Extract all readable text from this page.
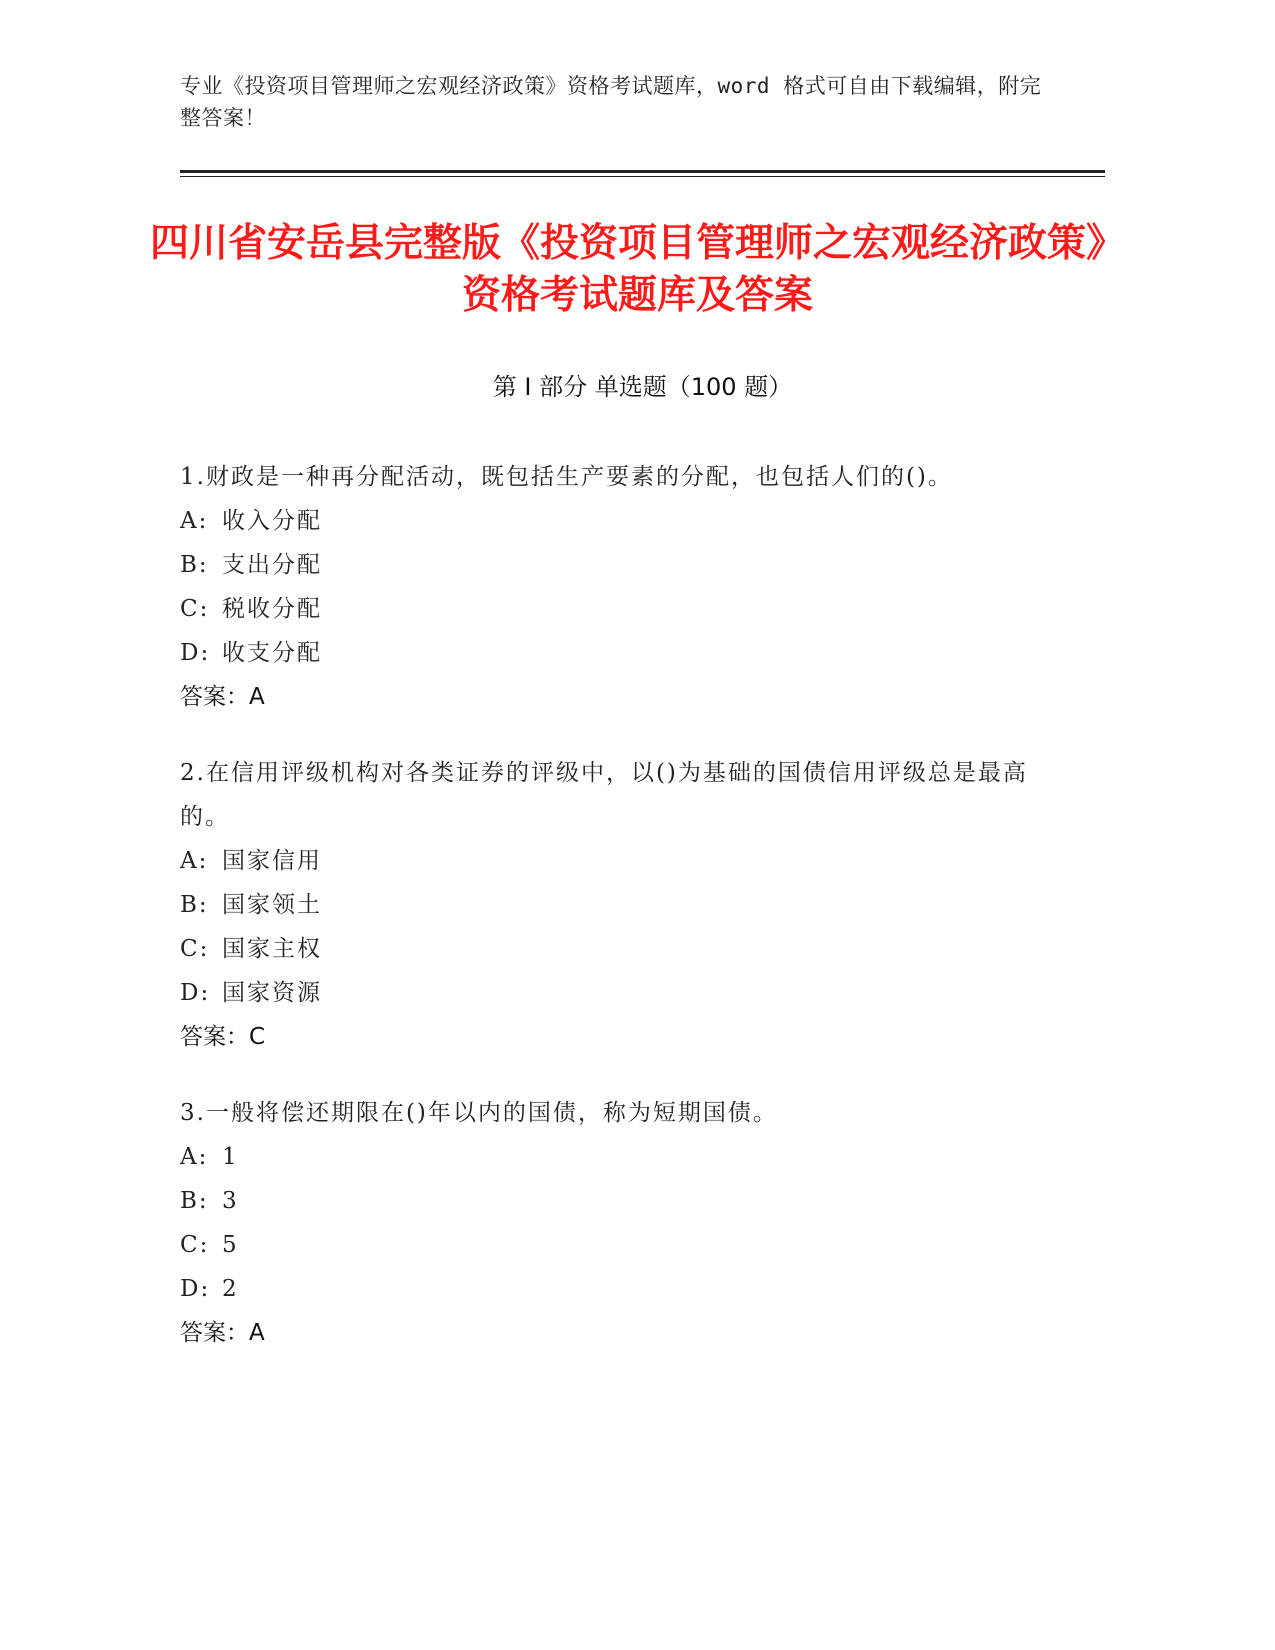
专业《投资项目管理师之宏观经济政策》资格考试题库，word 格式可自由下载编辑，附完整答案！
四川省安岳县完整版《投资项目管理师之宏观经济政策》资格考试题库及答案
第 I 部分 单选题（100 题）
1.财政是一种再分配活动，既包括生产要素的分配，也包括人们的()。
A: 收入分配
B: 支出分配
C: 税收分配
D: 收支分配
答案：A
2.在信用评级机构对各类证券的评级中，以()为基础的国债信用评级总是最高的。
A: 国家信用
B: 国家领土
C: 国家主权
D: 国家资源
答案：C
3.一般将偿还期限在()年以内的国债，称为短期国债。
A: 1
B: 3
C: 5
D: 2
答案：A
